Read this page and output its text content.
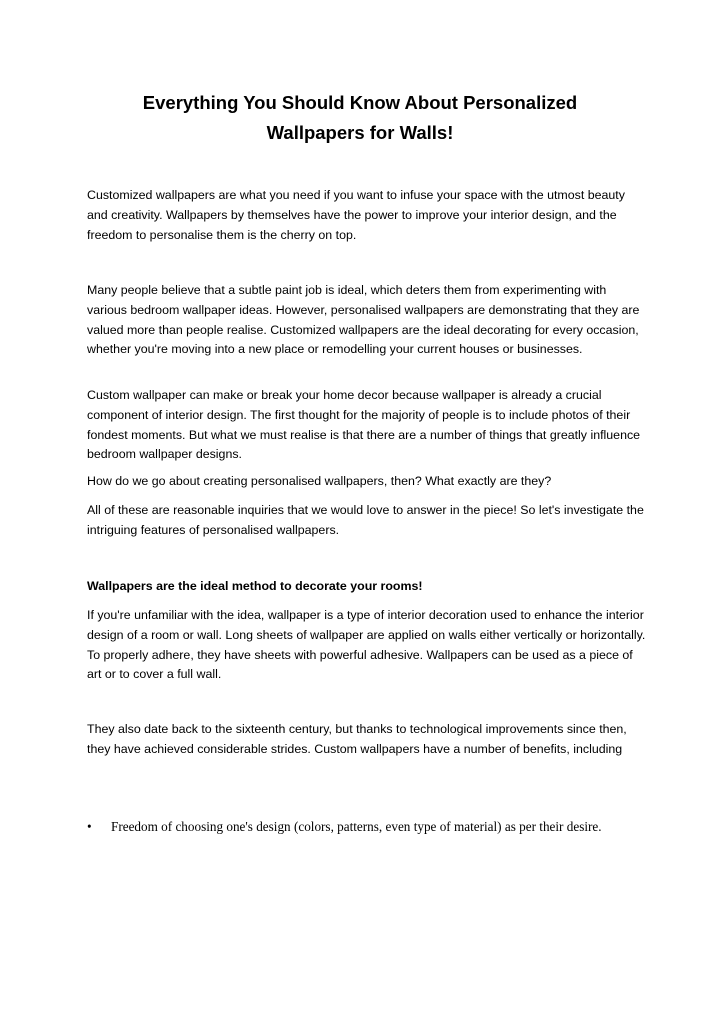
Everything You Should Know About Personalized
Wallpapers for Walls!

Customized wallpapers are what you need if you want to infuse your space with the utmost beauty and creativity. Wallpapers by themselves have the power to improve your interior design, and the freedom to personalise them is the cherry on top.

Many people believe that a subtle paint job is ideal, which deters them from experimenting with various bedroom wallpaper ideas. However, personalised wallpapers are demonstrating that they are valued more than people realise. Customized wallpapers are the ideal decorating for every occasion, whether you're moving into a new place or remodelling your current houses or businesses.

Custom wallpaper can make or break your home decor because wallpaper is already a crucial component of interior design. The first thought for the majority of people is to include photos of their fondest moments. But what we must realise is that there are a number of things that greatly influence bedroom wallpaper designs.

How do we go about creating personalised wallpapers, then? What exactly are they?

All of these are reasonable inquiries that we would love to answer in the piece! So let's investigate the intriguing features of personalised wallpapers.

Wallpapers are the ideal method to decorate your rooms!

If you're unfamiliar with the idea, wallpaper is a type of interior decoration used to enhance the interior design of a room or wall. Long sheets of wallpaper are applied on walls either vertically or horizontally. To properly adhere, they have sheets with powerful adhesive. Wallpapers can be used as a piece of art or to cover a full wall.

They also date back to the sixteenth century, but thanks to technological improvements since then, they have achieved considerable strides. Custom wallpapers have a number of benefits, including

• Freedom of choosing one's design (colors, patterns, even type of material) as per their desire.
